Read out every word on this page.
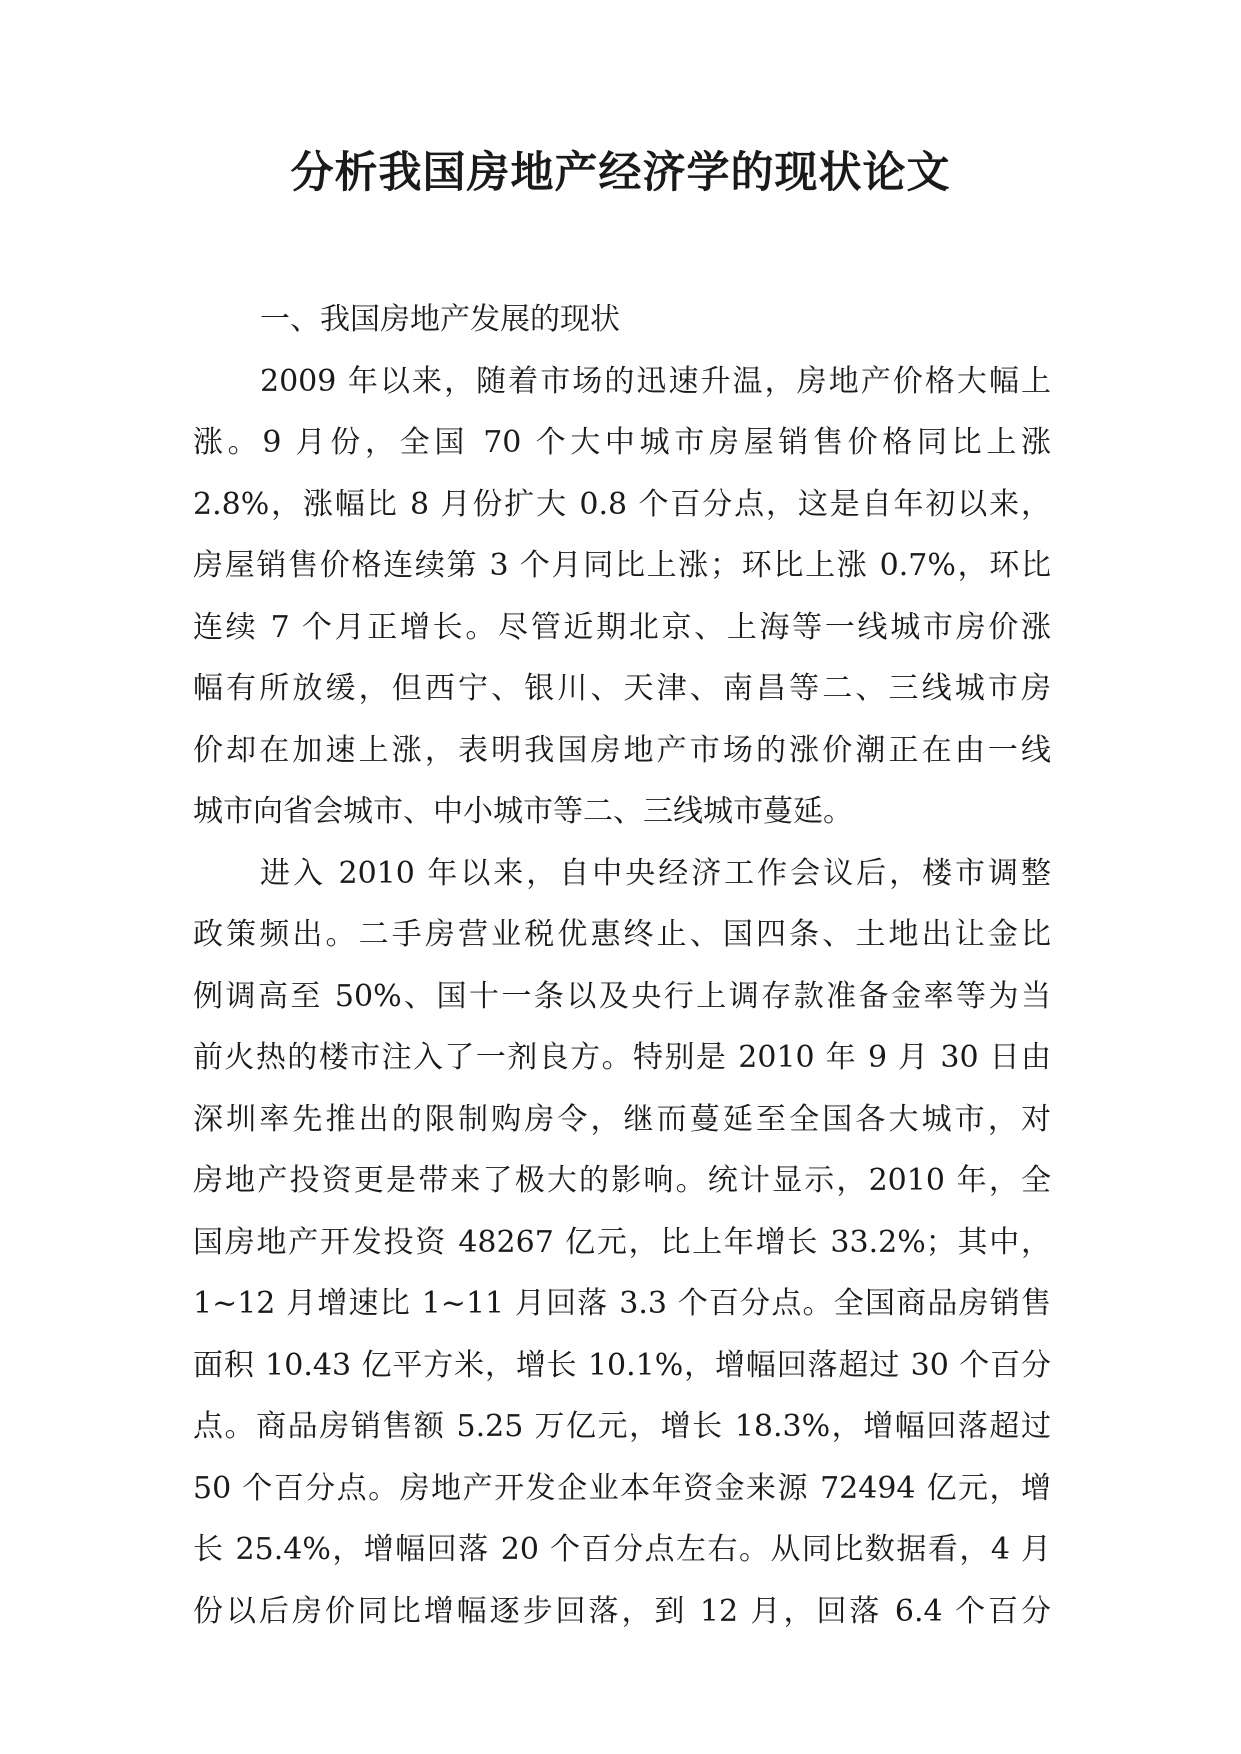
分析我国房地产经济学的现状论文
一、我国房地产发展的现状
2009 年以来，随着市场的迅速升温，房地产价格大幅上
涨。9 月份，全国 70 个大中城市房屋销售价格同比上涨
2.8%，涨幅比 8 月份扩大 0.8 个百分点，这是自年初以来，
房屋销售价格连续第 3 个月同比上涨；环比上涨 0.7%，环比
连续 7 个月正增长。尽管近期北京、上海等一线城市房价涨
幅有所放缓，但西宁、银川、天津、南昌等二、三线城市房
价却在加速上涨，表明我国房地产市场的涨价潮正在由一线
城市向省会城市、中小城市等二、三线城市蔓延。
进入 2010 年以来，自中央经济工作会议后，楼市调整
政策频出。二手房营业税优惠终止、国四条、土地出让金比
例调高至 50%、国十一条以及央行上调存款准备金率等为当
前火热的楼市注入了一剂良方。特别是 2010 年 9 月 30 日由
深圳率先推出的限制购房令，继而蔓延至全国各大城市，对
房地产投资更是带来了极大的影响。统计显示，2010 年，全
国房地产开发投资 48267 亿元，比上年增长 33.2%；其中，
1~12 月增速比 1~11 月回落 3.3 个百分点。全国商品房销售
面积 10.43 亿平方米，增长 10.1%，增幅回落超过 30 个百分
点。商品房销售额 5.25 万亿元，增长 18.3%，增幅回落超过
50 个百分点。房地产开发企业本年资金来源 72494 亿元，增
长 25.4%，增幅回落 20 个百分点左右。从同比数据看，4 月
份以后房价同比增幅逐步回落，到 12 月，回落 6.4 个百分
